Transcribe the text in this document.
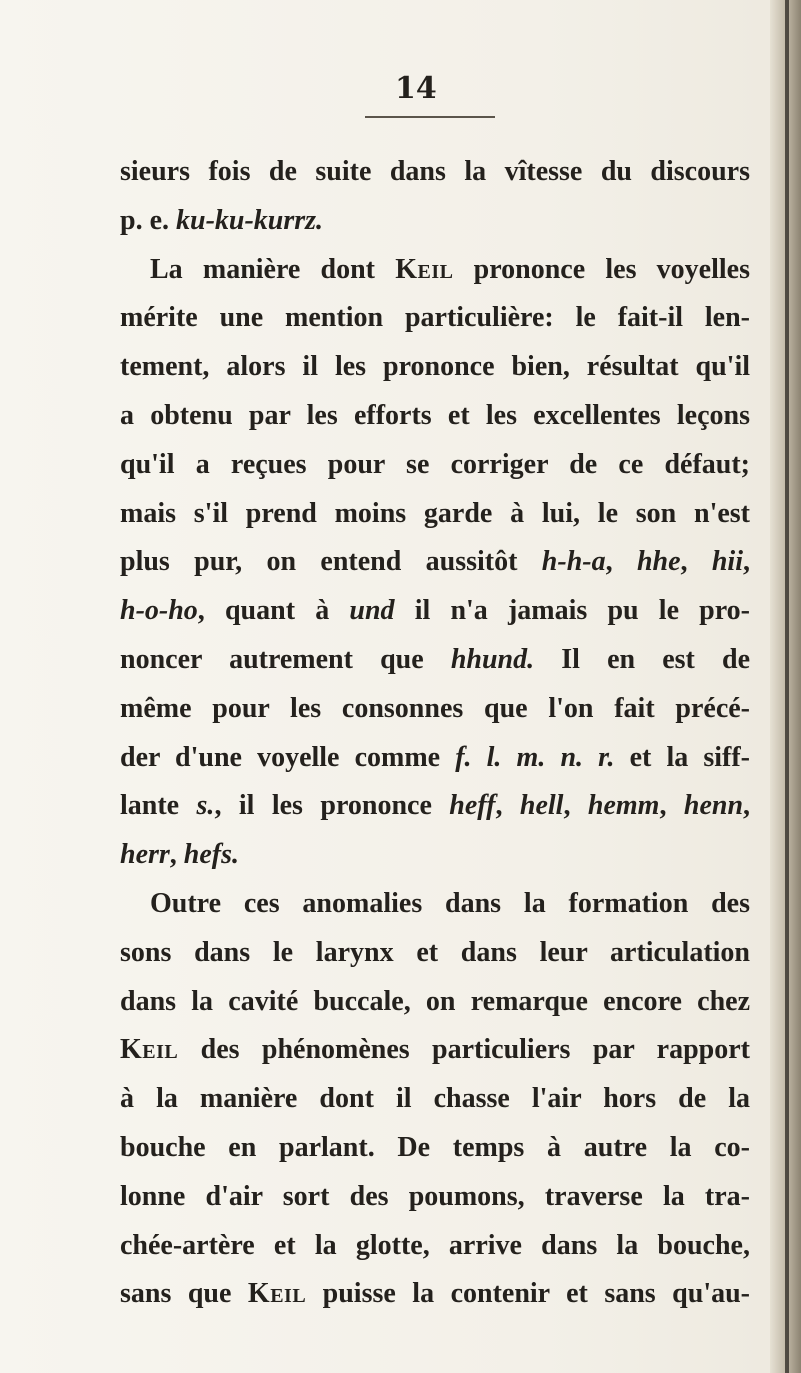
14
sieurs fois de suite dans la vîtesse du discours
p. e. ku-ku-kurrz.
La manière dont Keil prononce les voyelles
mérite une mention particulière: le fait-il len-
tement, alors il les prononce bien, résultat qu'il
a obtenu par les efforts et les excellentes leçons
qu'il a reçues pour se corriger de ce défaut;
mais s'il prend moins garde à lui, le son n'est
plus pur, on entend aussitôt h-h-a, hhe, hii,
h-o-ho, quant à und il n'a jamais pu le pro-
noncer autrement que hhund. Il en est de
même pour les consonnes que l'on fait précé-
der d'une voyelle comme f. l. m. n. r. et la siff-
lante s., il les prononce heff, hell, hemm, henn,
herr, hefs.
Outre ces anomalies dans la formation des
sons dans le larynx et dans leur articulation
dans la cavité buccale, on remarque encore chez
Keil des phénomènes particuliers par rapport
à la manière dont il chasse l'air hors de la
bouche en parlant. De temps à autre la co-
lonne d'air sort des poumons, traverse la tra-
chée-artère et la glotte, arrive dans la bouche,
sans que Keil puisse la contenir et sans qu'au-
